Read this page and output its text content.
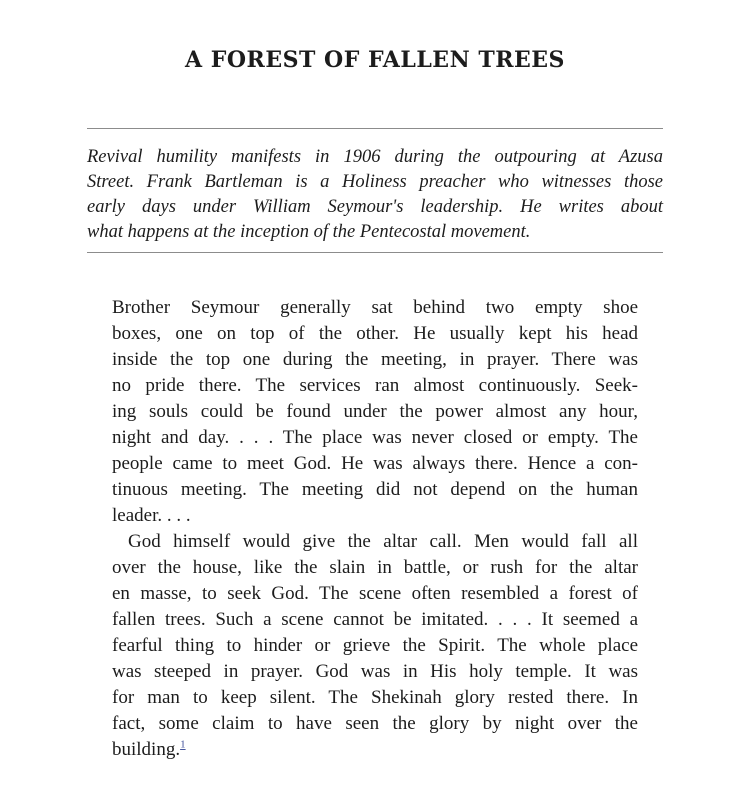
A FOREST OF FALLEN TREES
Revival humility manifests in 1906 during the outpouring at Azusa
Street. Frank Bartleman is a Holiness preacher who witnesses those
early days under William Seymour's leadership. He writes about
what happens at the inception of the Pentecostal movement.
Brother Seymour generally sat behind two empty shoe
boxes, one on top of the other. He usually kept his head
inside the top one during the meeting, in prayer. There was
no pride there. The services ran almost continuously. Seek-
ing souls could be found under the power almost any hour,
night and day. . . . The place was never closed or empty. The
people came to meet God. He was always there. Hence a con-
tinuous meeting. The meeting did not depend on the human
leader. . . .
God himself would give the altar call. Men would fall all
over the house, like the slain in battle, or rush for the altar
en masse, to seek God. The scene often resembled a forest of
fallen trees. Such a scene cannot be imitated. . . . It seemed a
fearful thing to hinder or grieve the Spirit. The whole place
was steeped in prayer. God was in His holy temple. It was
for man to keep silent. The Shekinah glory rested there. In
fact, some claim to have seen the glory by night over the
building.$^1$
